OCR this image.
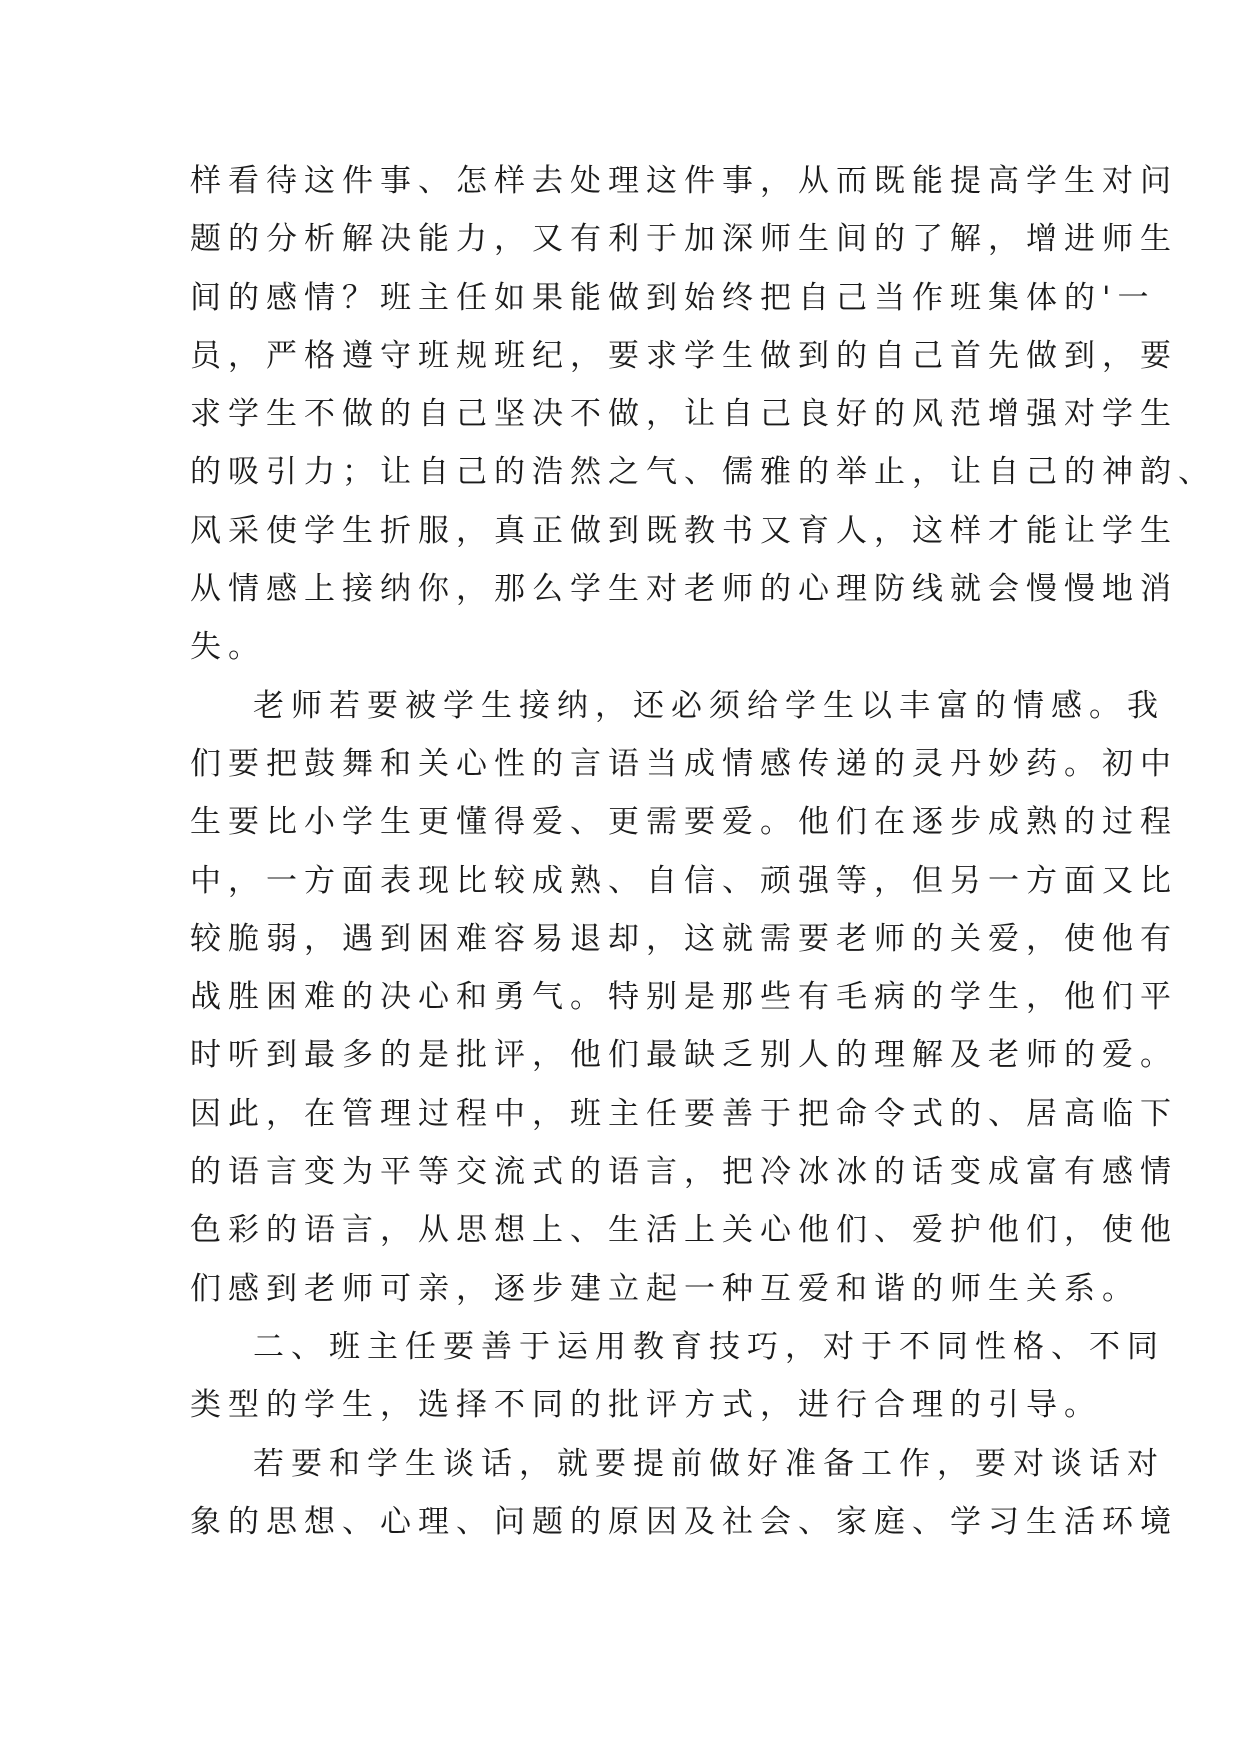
样看待这件事、怎样去处理这件事，从而既能提高学生对问
题的分析解决能力，又有利于加深师生间的了解，增进师生
间的感情？班主任如果能做到始终把自己当作班集体的'一
员，严格遵守班规班纪，要求学生做到的自己首先做到，要
求学生不做的自己坚决不做，让自己良好的风范增强对学生
的吸引力；让自己的浩然之气、儒雅的举止，让自己的神韵、
风采使学生折服，真正做到既教书又育人，这样才能让学生
从情感上接纳你，那么学生对老师的心理防线就会慢慢地消
失。
老师若要被学生接纳，还必须给学生以丰富的情感。我
们要把鼓舞和关心性的言语当成情感传递的灵丹妙药。初中
生要比小学生更懂得爱、更需要爱。他们在逐步成熟的过程
中，一方面表现比较成熟、自信、顽强等，但另一方面又比
较脆弱，遇到困难容易退却，这就需要老师的关爱，使他有
战胜困难的决心和勇气。特别是那些有毛病的学生，他们平
时听到最多的是批评，他们最缺乏别人的理解及老师的爱。
因此，在管理过程中，班主任要善于把命令式的、居高临下
的语言变为平等交流式的语言，把冷冰冰的话变成富有感情
色彩的语言，从思想上、生活上关心他们、爱护他们，使他
们感到老师可亲，逐步建立起一种互爱和谐的师生关系。
二、班主任要善于运用教育技巧，对于不同性格、不同
类型的学生，选择不同的批评方式，进行合理的引导。
若要和学生谈话，就要提前做好准备工作，要对谈话对
象的思想、心理、问题的原因及社会、家庭、学习生活环境
